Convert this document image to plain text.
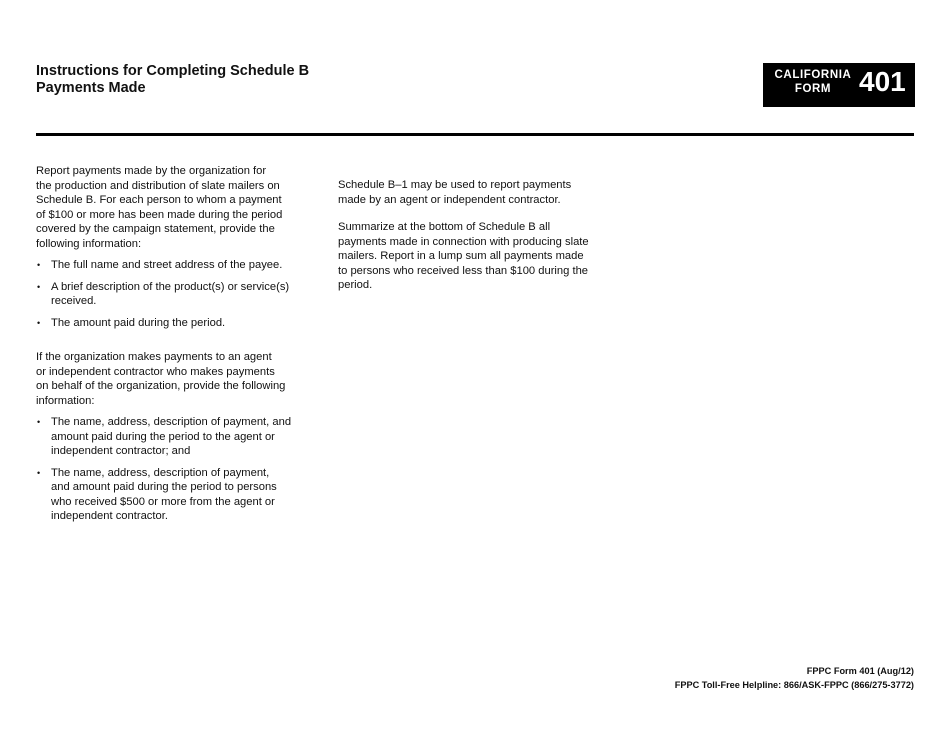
Instructions for Completing Schedule B
Payments Made
CALIFORNIA
FORM 401
Report payments made by the organization for
the production and distribution of slate mailers on
Schedule B. For each person to whom a payment
of $100 or more has been made during the period
covered by the campaign statement, provide the
following information:
• The full name and street address of the payee.
• A brief description of the product(s) or service(s)
received.
• The amount paid during the period.
If the organization makes payments to an agent
or independent contractor who makes payments
on behalf of the organization, provide the following
information:
• The name, address, description of payment, and
amount paid during the period to the agent or
independent contractor; and
• The name, address, description of payment,
and amount paid during the period to persons
who received $500 or more from the agent or
independent contractor.
Schedule B–1 may be used to report payments
made by an agent or independent contractor.
Summarize at the bottom of Schedule B all
payments made in connection with producing slate
mailers. Report in a lump sum all payments made
to persons who received less than $100 during the
period.
FPPC Form 401 (Aug/12)
FPPC Toll-Free Helpline: 866/ASK-FPPC (866/275-3772)
